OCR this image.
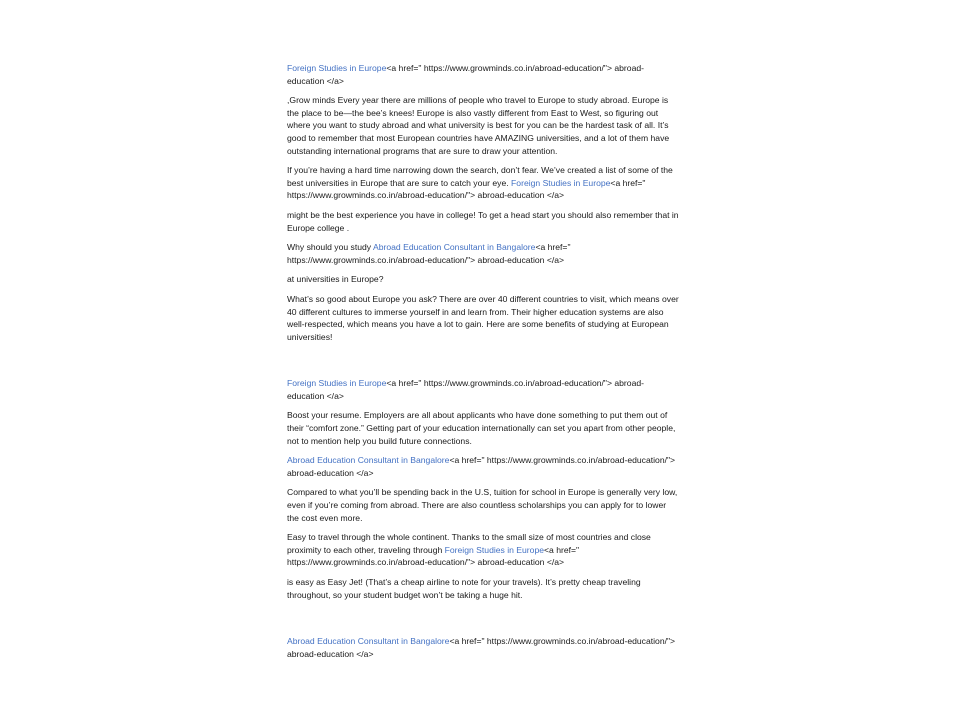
Foreign Studies in Europe<a href=" https://www.growminds.co.in/abroad-education/"> abroad-education </a>

,Grow minds Every year there are millions of people who travel to Europe to study abroad. Europe is the place to be—the bee’s knees! Europe is also vastly different from East to West, so figuring out where you want to study abroad and what university is best for you can be the hardest task of all. It’s good to remember that most European countries have AMAZING universities, and a lot of them have outstanding international programs that are sure to draw your attention.

If you’re having a hard time narrowing down the search, don’t fear. We’ve created a list of some of the best universities in Europe that are sure to catch your eye. Foreign Studies in Europe<a href=" https://www.growminds.co.in/abroad-education/"> abroad-education </a>

might be the best experience you have in college! To get a head start you should also remember that in Europe college .

Why should you study Abroad Education Consultant in Bangalore<a href=" https://www.growminds.co.in/abroad-education/"> abroad-education </a>

at universities in Europe?

What’s so good about Europe you ask? There are over 40 different countries to visit, which means over 40 different cultures to immerse yourself in and learn from. Their higher education systems are also well-respected, which means you have a lot to gain. Here are some benefits of studying at European universities!

Foreign Studies in Europe<a href=" https://www.growminds.co.in/abroad-education/"> abroad-education </a>

Boost your resume. Employers are all about applicants who have done something to put them out of their “comfort zone.” Getting part of your education internationally can set you apart from other people, not to mention help you build future connections.

Abroad Education Consultant in Bangalore<a href=" https://www.growminds.co.in/abroad-education/"> abroad-education </a>

Compared to what you’ll be spending back in the U.S, tuition for school in Europe is generally very low, even if you’re coming from abroad. There are also countless scholarships you can apply for to lower the cost even more.

Easy to travel through the whole continent. Thanks to the small size of most countries and close proximity to each other, traveling through Foreign Studies in Europe<a href=" https://www.growminds.co.in/abroad-education/"> abroad-education </a>

is easy as Easy Jet! (That’s a cheap airline to note for your travels). It’s pretty cheap traveling throughout, so your student budget won’t be taking a huge hit.

Abroad Education Consultant in Bangalore<a href=" https://www.growminds.co.in/abroad-education/"> abroad-education </a>
